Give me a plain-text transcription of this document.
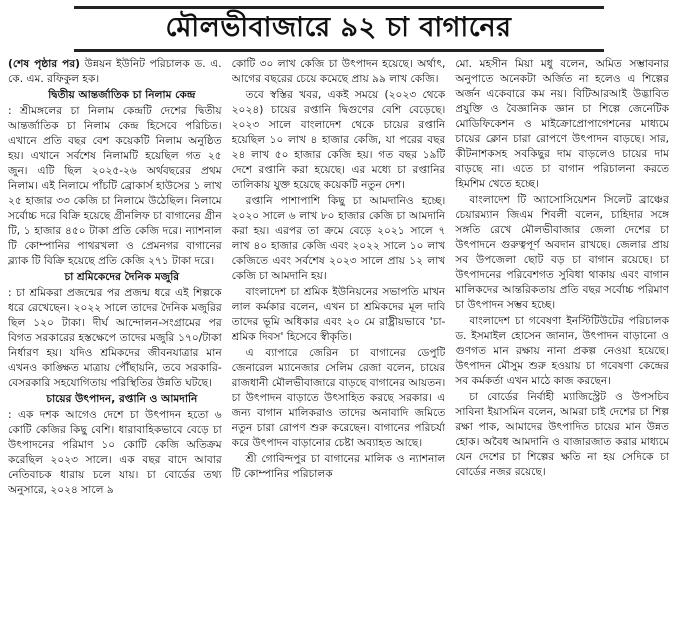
মৌলভীবাজারে ৯২ চা বাগানের

(শেষ পৃষ্ঠার পর) উন্নয়ন ইউনিট পরিচালক ড. এ. কে. এম. রফিকুল হক।

দ্বিতীয় আন্তর্জাতিক চা নিলাম কেন্দ্র

: শ্রীমঙ্গলের চা নিলাম কেন্দ্রটি দেশের দ্বিতীয় আন্তর্জাতিক চা নিলাম কেন্দ্র হিসেবে পরিচিত। এখানে প্রতি বছর বেশ কয়েকটি নিলাম অনুষ্ঠিত হয়। এখানে সর্বশেষ নিলামটি হয়েছিল গত ২৫ জুন। এটি ছিল ২০২৫-২৬ অর্থবছরের প্রথম নিলাম। এই নিলামে পাঁচটি ব্রোকার্স হাউসের ১ লাখ ২৫ হাজার ৩৩ কেজি চা নিলামে উঠেছিল। নিলামে সর্বোচ্চ দরে বিক্রি হয়েছে গ্রীনলিফ চা বাগানের গ্রীন টি, ১ হাজার ৪৫০ টাকা প্রতি কেজি দরে। ন্যাশনাল টি কোম্পানির পাথরখলা ও প্রেমনগর বাগানের ব্ল্যাক টি বিক্রি হয়েছে প্রতি কেজি ২৭১ টাকা দরে।

চা শ্রমিকেদের দৈনিক মজুরি

: চা শ্রমিকরা প্রজন্মের পর প্রজন্ম ধরে এই শিল্পকে ধরে রেখেছেন। ২০২২ সালে তাদের দৈনিক মজুরির ছিল ১২০ টাকা। দীর্ঘ আন্দোলন-সংগ্রামের পর বিগত সরকারের হস্তক্ষেপে তাদের মজুরি ১৭০/টাকা নির্ধারণ হয়। যদিও শ্রমিকদের জীবনযাত্রার মান এখনও কাঙ্ক্ষিত মাত্রায় পৌঁছায়নি, তবে সরকারি-বেসরকারি সহযোগিতায় পরিস্থিতির উন্নতি ঘটছে।

চায়ের উৎপাদন, রপ্তানি ও আমদানি

: এক দশক আগেও দেশে চা উৎপাদন হতো ৬ কোটি কেজির কিছু বেশি। ধারাবাহিকভাবে বেড়ে চা উৎপাদনের পরিমাণ ১০ কোটি কেজি অতিক্রম করেছিল ২০২৩ সালে। এক বছর বাদে আবার নেতিবাচক ধারায় চলে যায়। চা বোর্ডের তথ্য অনুসারে, ২০২৪ সালে ৯

কোটি ৩০ লাখ কেজি চা উৎপাদন হয়েছে। অর্থাৎ, আগের বছরের চেয়ে কমেছে প্রায় ৯৯ লাখ কেজি।

তবে স্বস্তির খবর, একই সময়ে (২০২৩ থেকে ২০২৪) চায়ের রপ্তানি দ্বিগুণের বেশি বেড়েছে। ২০২৩ সালে বাংলাদেশ থেকে চায়ের রপ্তানি হয়েছিল ১০ লাখ ৪ হাজার কেজি, যা পরের বছর ২৪ লাখ ৫০ হাজার কেজি হয়। গত বছর ১৯টি দেশে রপ্তানি করা হয়েছে। এর মধ্যে চা রপ্তানির তালিকায় যুক্ত হয়েছে কয়েকটি নতুন দেশ।

রপ্তানি পাশাপাশি কিছু চা আমদানিও হচ্ছে। ২০২০ সালে ৬ লাখ ৮০ হাজার কেজি চা আমদানি করা হয়। এরপর তা ক্রমে বেড়ে ২০২১ সালে ৭ লাখ ৪০ হাজার কেজি এবং ২০২২ সালে ১০ লাখ কেজিতে এবং সর্বশেষ ২০২৩ সালে প্রায় ১২ লাখ কেজি চা আমদানি হয়।

বাংলাদেশ চা শ্রমিক ইউনিয়নের সভাপতি মাখন লাল কর্মকার বলেন, এখন চা শ্রমিকদের মূল দাবি তাদের ভূমি অধিকার এবং ২০ মে রাষ্ট্রীয়ভাবে 'চা-শ্রমিক দিবস' হিসেবে স্বীকৃতি।

এ ব্যাপারে জেরিন চা বাগানের ডেপুটি জেনারেল ম্যানেজার সেলিম রেজা বলেন, চায়ের রাজধানী মৌলভীবাজারে বাড়ছে বাগানের আয়তন। চা উৎপাদন বাড়াতে উৎসাহিত করছে সরকার। এ জন্য বাগান মালিকরাও তাদের অনাবাদি জমিতে নতুন চারা রোপণ শুরু করেছেন। বাগানের পরিচর্যা করে উৎপাদন বাড়ানোর চেষ্টা অব্যাহত আছে।

শ্রী গোবিন্দপুর চা বাগানের মালিক ও ন্যাশনাল টি কোম্পানির পরিচালক

মো. মহসীন মিয়া মধু বলেন, অমিত সম্ভাবনার অনুপাতে অনেকটা অর্জিত না হলেও এ শিল্পের অর্জন একেবারে কম নয়। বিটিআরআই উদ্ভাবিত প্রযুক্তি ও বৈজ্ঞানিক জ্ঞান চা শিল্পে জেনেটিক মোডিফিকেশন ও মাইক্রোপ্রোপাগেশনের মাধ্যমে চায়ের ক্লোন চারা রোপণে উৎপাদন বাড়ছে। সার, কীটনাশকসহ সবকিছুর দাম বাড়লেও চায়ের দাম বাড়ছে না। এতে চা বাগান পরিচালনা করতে হিমশিম খেতে হচ্ছে।

বাংলাদেশ টি অ্যাসোসিয়েশন সিলেট ব্রাঞ্চের চেয়ারম্যান জিএম শিবলী বলেন, চাহিদার সঙ্গে সঙ্গতি রেখে মৌলভীবাজার জেলা দেশের চা উৎপাদনে গুরুত্বপূর্ণ অবদান রাখছে। জেলার প্রায় সব উপজেলা ছোট বড় চা বাগান রয়েছে। চা উৎপাদনের পরিবেশগত সুবিধা থাকায় এবং বাগান মালিকদের আন্তরিকতায় প্রতি বছর সর্বোচ্চ পরিমাণ চা উৎপাদন সম্ভব হচ্ছে।

বাংলাদেশ চা গবেষণা ইনস্টিটিউটের পরিচালক ড. ইসমাইল হোসেন জানান, উৎপাদন বাড়ানো ও গুণগত মান রক্ষায় নানা প্রকল্প নেওয়া হয়েছে। উৎপাদন মৌসুম শুরু হওয়ায় চা গবেষণা কেন্দ্রের সব কর্মকর্তা এখন মাঠে কাজ করছেন।

চা বোর্ডের নির্বাহী ম্যাজিস্ট্রেট ও উপসচিব সাবিনা ইয়াসমিন বলেন, আমরা চাই দেশের চা শিল্প রক্ষা পাক, আমাদের উৎপাদিত চায়ের মান উন্নত হোক। অবৈধ আমদানি ও বাজারজাত করার মাধ্যমে যেন দেশের চা শিল্পের ক্ষতি না হয় সেদিকে চা বোর্ডের নজর রয়েছে।
